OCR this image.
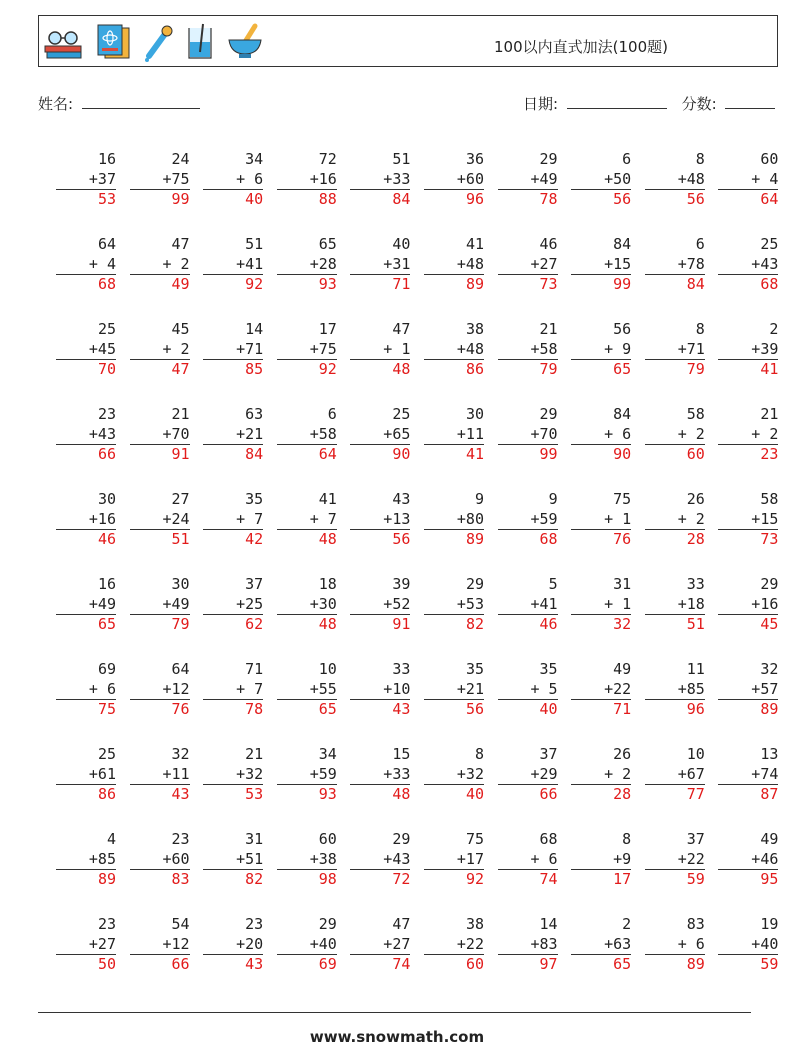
100以内直式加法(100题)
姓名:	日期:	分数:
16
+37
53
24
+75
99
34
+ 6
40
72
+16
88
51
+33
84
36
+60
96
29
+49
78
6
+50
56
8
+48
56
60
+ 4
64
64
+ 4
68
47
+ 2
49
51
+41
92
65
+28
93
40
+31
71
41
+48
89
46
+27
73
84
+15
99
6
+78
84
25
+43
68
25
+45
70
45
+ 2
47
14
+71
85
17
+75
92
47
+ 1
48
38
+48
86
21
+58
79
56
+ 9
65
8
+71
79
2
+39
41
23
+43
66
21
+70
91
63
+21
84
6
+58
64
25
+65
90
30
+11
41
29
+70
99
84
+ 6
90
58
+ 2
60
21
+ 2
23
30
+16
46
27
+24
51
35
+ 7
42
41
+ 7
48
43
+13
56
9
+80
89
9
+59
68
75
+ 1
76
26
+ 2
28
58
+15
73
16
+49
65
30
+49
79
37
+25
62
18
+30
48
39
+52
91
29
+53
82
5
+41
46
31
+ 1
32
33
+18
51
29
+16
45
69
+ 6
75
64
+12
76
71
+ 7
78
10
+55
65
33
+10
43
35
+21
56
35
+ 5
40
49
+22
71
11
+85
96
32
+57
89
25
+61
86
32
+11
43
21
+32
53
34
+59
93
15
+33
48
8
+32
40
37
+29
66
26
+ 2
28
10
+67
77
13
+74
87
4
+85
89
23
+60
83
31
+51
82
60
+38
98
29
+43
72
75
+17
92
68
+ 6
74
8
+9
17
37
+22
59
49
+46
95
23
+27
50
54
+12
66
23
+20
43
29
+40
69
47
+27
74
38
+22
60
14
+83
97
2
+63
65
83
+ 6
89
19
+40
59
www.snowmath.com
